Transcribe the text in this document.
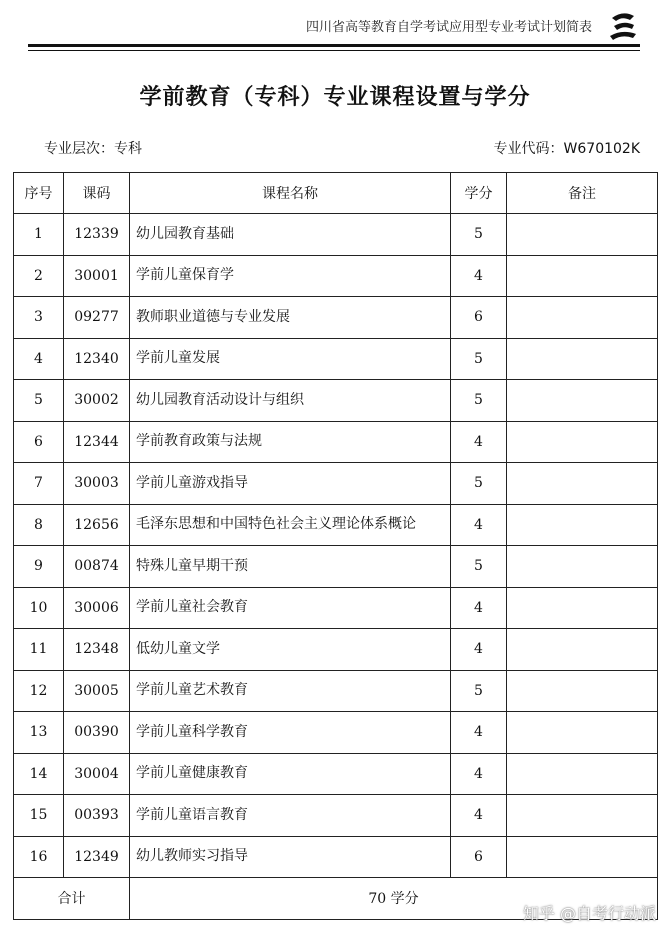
四川省高等教育自学考试应用型专业考试计划简表
学前教育（专科）专业课程设置与学分
专业层次：专科	专业代码：W670102K
序号	课码	课程名称	学分	备注
1	12339	幼儿园教育基础	5	
2	30001	学前儿童保育学	4	
3	09277	教师职业道德与专业发展	6	
4	12340	学前儿童发展	5	
5	30002	幼儿园教育活动设计与组织	5	
6	12344	学前教育政策与法规	4	
7	30003	学前儿童游戏指导	5	
8	12656	毛泽东思想和中国特色社会主义理论体系概论	4	
9	00874	特殊儿童早期干预	5	
10	30006	学前儿童社会教育	4	
11	12348	低幼儿童文学	4	
12	30005	学前儿童艺术教育	5	
13	00390	学前儿童科学教育	4	
14	30004	学前儿童健康教育	4	
15	00393	学前儿童语言教育	4	
16	12349	幼儿教师实习指导	6	
合计		70 学分		
知乎 @自考行动派
